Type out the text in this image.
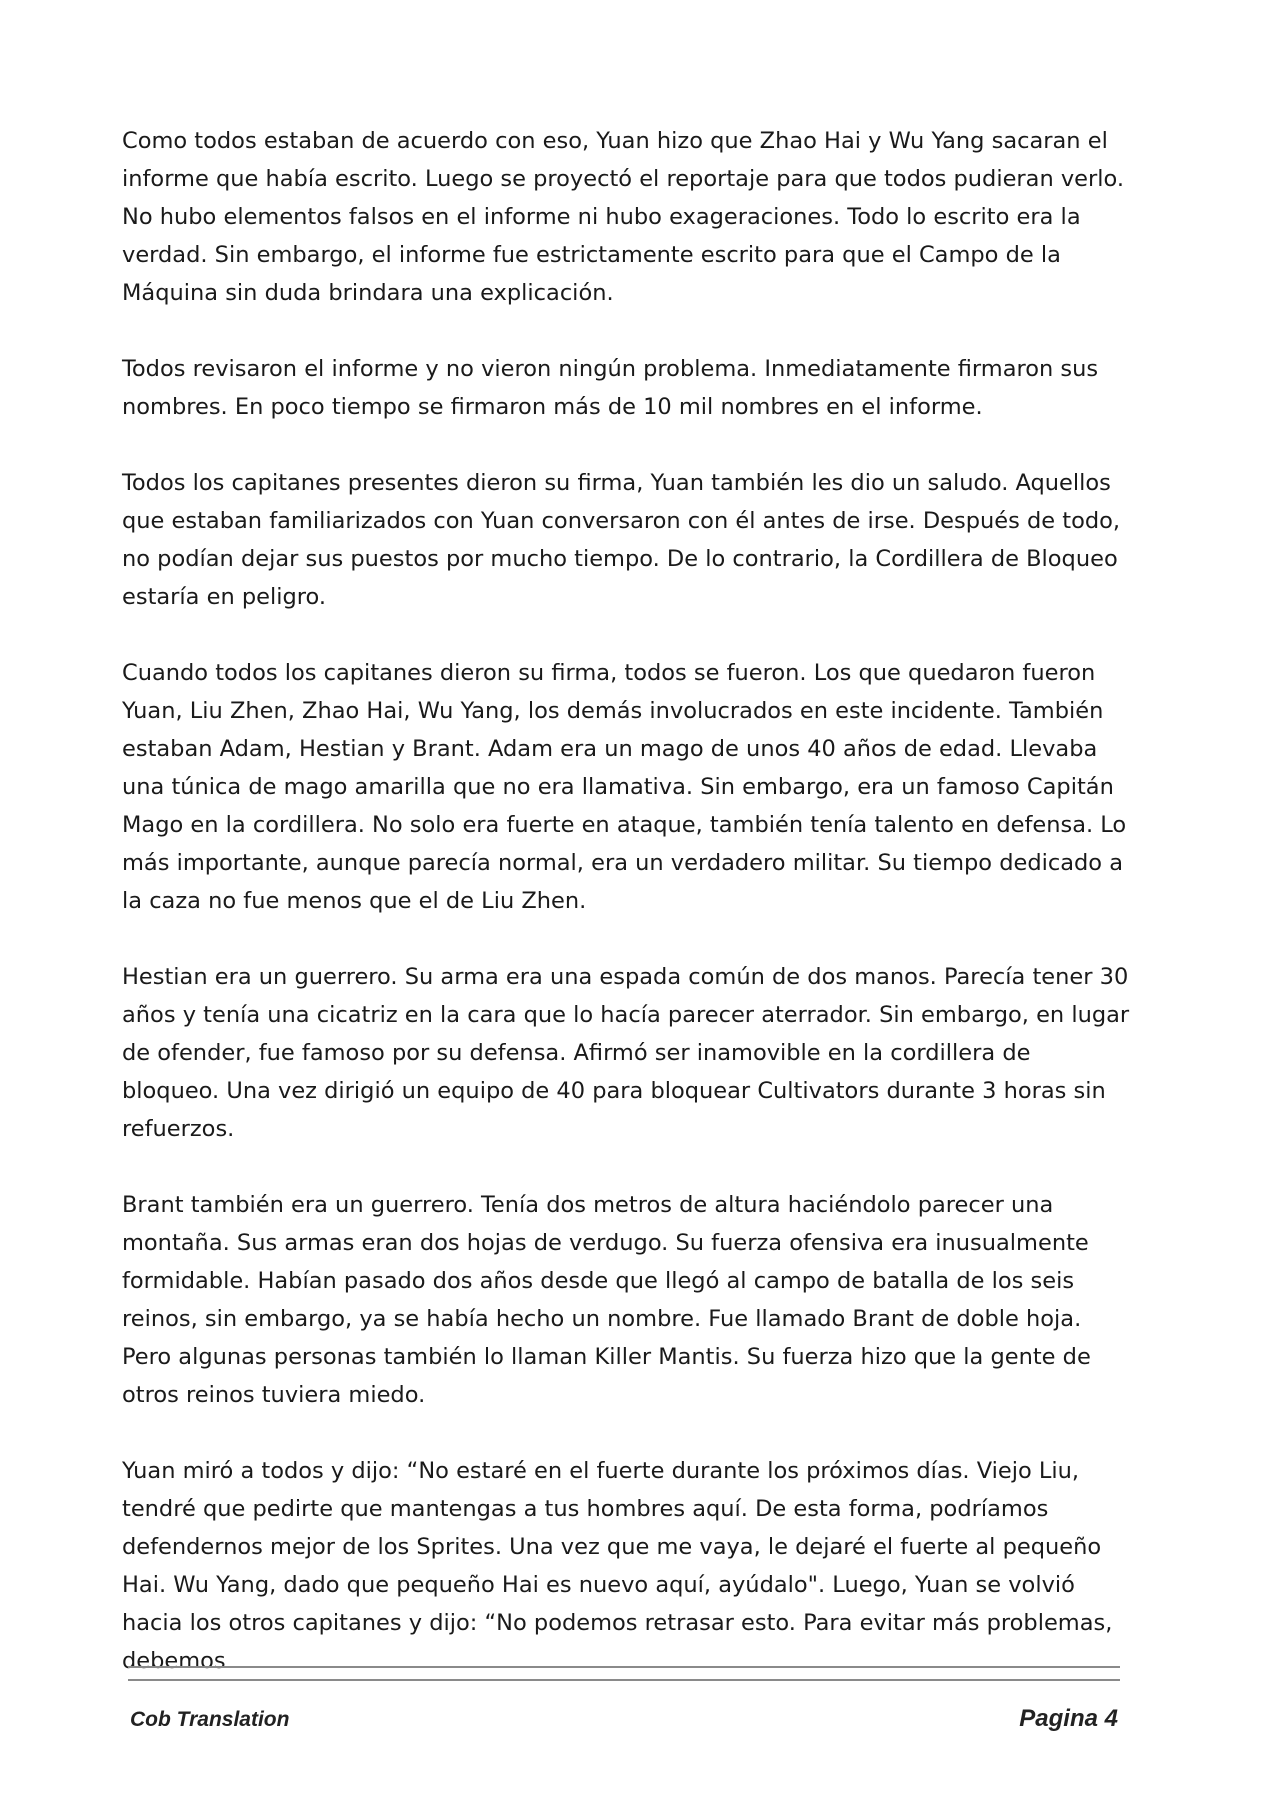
Como todos estaban de acuerdo con eso, Yuan hizo que Zhao Hai y Wu Yang sacaran el informe que había escrito. Luego se proyectó el reportaje para que todos pudieran verlo. No hubo elementos falsos en el informe ni hubo exageraciones. Todo lo escrito era la verdad. Sin embargo, el informe fue estrictamente escrito para que el Campo de la Máquina sin duda brindara una explicación.

Todos revisaron el informe y no vieron ningún problema. Inmediatamente firmaron sus nombres. En poco tiempo se firmaron más de 10 mil nombres en el informe.

Todos los capitanes presentes dieron su firma, Yuan también les dio un saludo. Aquellos que estaban familiarizados con Yuan conversaron con él antes de irse. Después de todo, no podían dejar sus puestos por mucho tiempo. De lo contrario, la Cordillera de Bloqueo estaría en peligro.

Cuando todos los capitanes dieron su firma, todos se fueron. Los que quedaron fueron Yuan, Liu Zhen, Zhao Hai, Wu Yang, los demás involucrados en este incidente. También estaban Adam, Hestian y Brant. Adam era un mago de unos 40 años de edad. Llevaba una túnica de mago amarilla que no era llamativa. Sin embargo, era un famoso Capitán Mago en la cordillera. No solo era fuerte en ataque, también tenía talento en defensa. Lo más importante, aunque parecía normal, era un verdadero militar. Su tiempo dedicado a la caza no fue menos que el de Liu Zhen.

Hestian era un guerrero. Su arma era una espada común de dos manos. Parecía tener 30 años y tenía una cicatriz en la cara que lo hacía parecer aterrador. Sin embargo, en lugar de ofender, fue famoso por su defensa. Afirmó ser inamovible en la cordillera de bloqueo. Una vez dirigió un equipo de 40 para bloquear Cultivators durante 3 horas sin refuerzos.

Brant también era un guerrero. Tenía dos metros de altura haciéndolo parecer una montaña. Sus armas eran dos hojas de verdugo. Su fuerza ofensiva era inusualmente formidable. Habían pasado dos años desde que llegó al campo de batalla de los seis reinos, sin embargo, ya se había hecho un nombre. Fue llamado Brant de doble hoja. Pero algunas personas también lo llaman Killer Mantis. Su fuerza hizo que la gente de otros reinos tuviera miedo.

Yuan miró a todos y dijo: “No estaré en el fuerte durante los próximos días. Viejo Liu, tendré que pedirte que mantengas a tus hombres aquí. De esta forma, podríamos defendernos mejor de los Sprites. Una vez que me vaya, le dejaré el fuerte al pequeño Hai. Wu Yang, dado que pequeño Hai es nuevo aquí, ayúdalo". Luego, Yuan se volvió hacia los otros capitanes y dijo: “No podemos retrasar esto. Para evitar más problemas, debemos

Cob Translation	Pagina 4
